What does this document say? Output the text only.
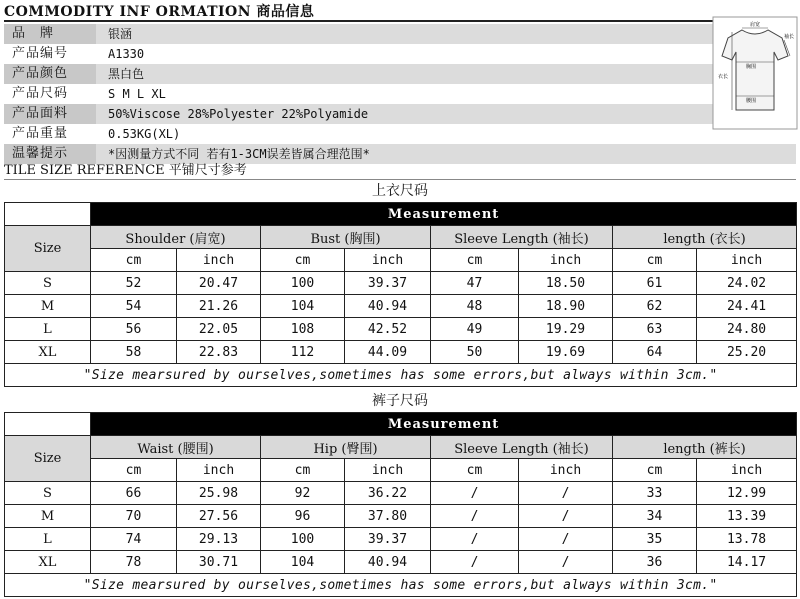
COMMODITY INF ORMATION 商品信息
品　牌	银涵
产品编号	A1330
产品颜色	黑白色
产品尺码	S M L XL
产品面料	50%Viscose 28%Polyester 22%Polyamide
产品重量	0.53KG(XL)
温馨提示	*因测量方式不同 若有1-3CM误差皆属合理范围*
肩宽
胸围
腰围
衣长
袖长
TILE SIZE REFERENCE 平铺尺寸参考
上衣尺码
	Measurement							
Size	Shoulder (肩宽)		Bust (胸围)		Sleeve Length (袖长)		length (衣长)	
	cm	inch	cm	inch	cm	inch	cm	inch
S	52	20.47	100	39.37	47	18.50	61	24.02
M	54	21.26	104	40.94	48	18.90	62	24.41
L	56	22.05	108	42.52	49	19.29	63	24.80
XL	58	22.83	112	44.09	50	19.69	64	25.20
"Size mearsured by ourselves,sometimes has some errors,but always within 3cm."								
裤子尺码
	Measurement							
Size	Waist (腰围)		Hip (臀围)		Sleeve Length (袖长)		length (裤长)	
	cm	inch	cm	inch	cm	inch	cm	inch
S	66	25.98	92	36.22	/	/	33	12.99
M	70	27.56	96	37.80	/	/	34	13.39
L	74	29.13	100	39.37	/	/	35	13.78
XL	78	30.71	104	40.94	/	/	36	14.17
"Size mearsured by ourselves,sometimes has some errors,but always within 3cm."								
